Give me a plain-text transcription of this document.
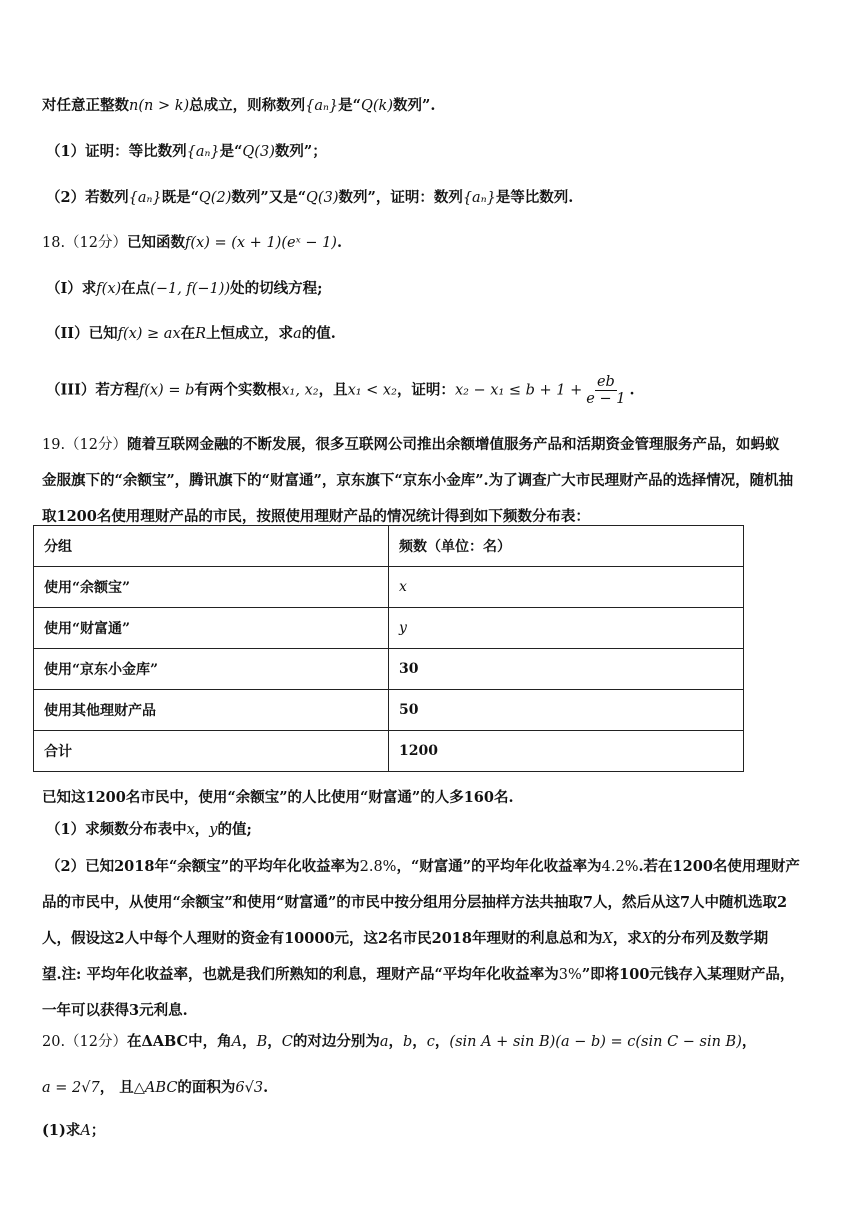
对任意正整数n(n > k)总成立，则称数列{aₙ}是“Q(k)数列”.
（1）证明：等比数列{aₙ}是“Q(3)数列”；
（2）若数列{aₙ}既是“Q(2)数列”又是“Q(3)数列”，证明：数列{aₙ}是等比数列.
18.（12分）已知函数f(x) = (x + 1)(eˣ − 1).
（I）求f(x)在点(−1, f(−1))处的切线方程;
（II）已知f(x) ≥ ax在R上恒成立，求a的值.
（III）若方程f(x) = b有两个实数根x₁, x₂，且x₁ < x₂，证明：$x_2 - x_1 \le b + 1 + \frac{eb}{e - 1}$ .
19.（12分）随着互联网金融的不断发展，很多互联网公司推出余额增值服务产品和活期资金管理服务产品，如蚂蚁
金服旗下的“余额宝”，腾讯旗下的“财富通”，京东旗下“京东小金库”.为了调查广大市民理财产品的选择情况，随机抽
取1200名使用理财产品的市民，按照使用理财产品的情况统计得到如下频数分布表：
分组	频数（单位：名）
使用“余额宝”	x
使用“财富通”	y
使用“京东小金库”	30
使用其他理财产品	50
合计	1200
已知这1200名市民中，使用“余额宝”的人比使用“财富通”的人多160名.
（1）求频数分布表中x，y的值;
（2）已知2018年“余额宝”的平均年化收益率为2.8%，“财富通”的平均年化收益率为4.2%.若在1200名使用理财产
品的市民中，从使用“余额宝”和使用“财富通”的市民中按分组用分层抽样方法共抽取7人，然后从这7人中随机选取2
人，假设这2人中每个人理财的资金有10000元，这2名市民2018年理财的利息总和为X，求X的分布列及数学期
望.注: 平均年化收益率，也就是我们所熟知的利息，理财产品“平均年化收益率为3%”即将100元钱存入某理财产品，
一年可以获得3元利息.
20.（12分）在ΔABC中，角A，B，C的对边分别为a，b，c，(sin A + sin B)(a − b) = c(sin C − sin B)，
a = 2√7， 且△ABC的面积为6√3.
(1)求A；
